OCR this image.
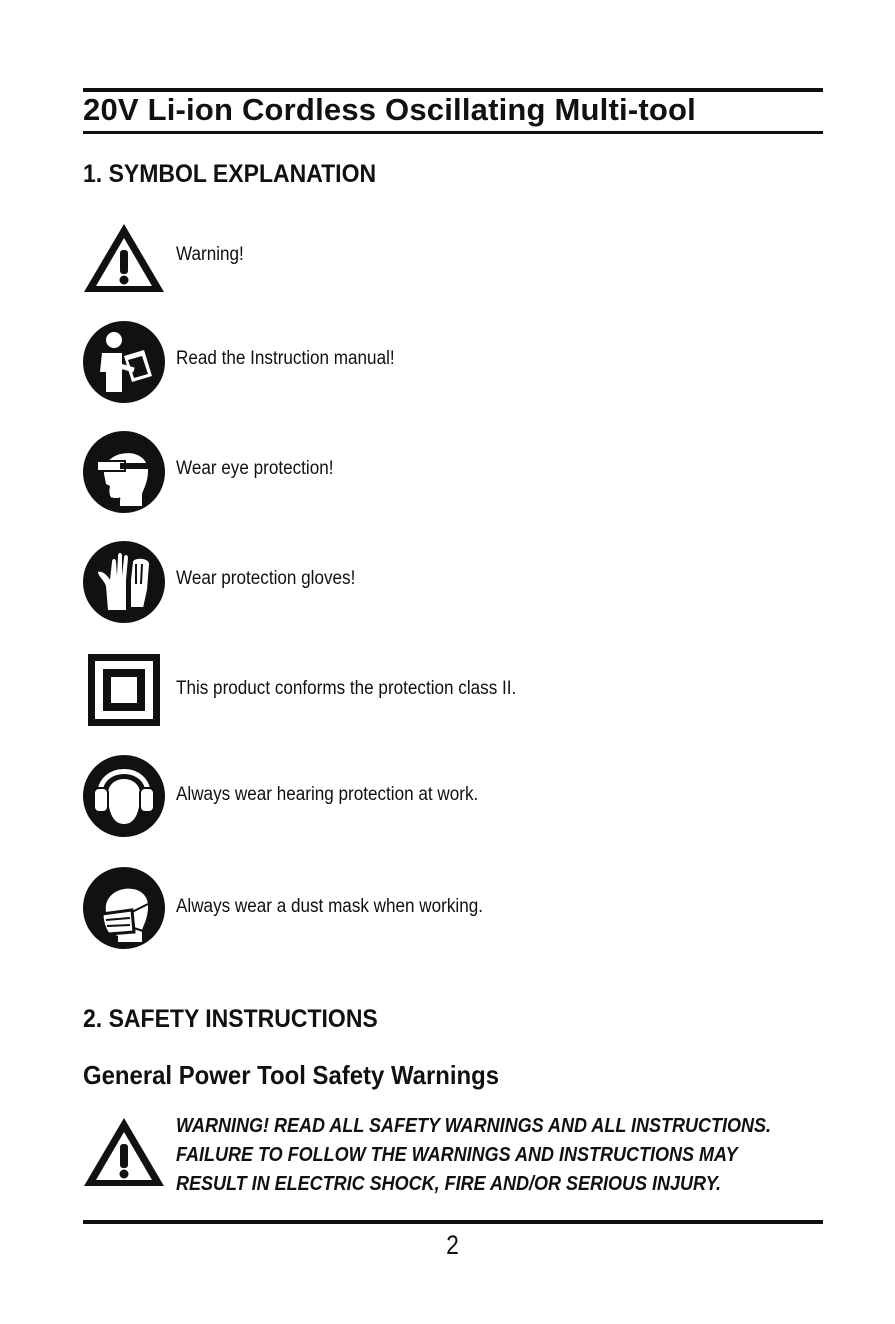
20V Li-ion Cordless Oscillating Multi-tool
1. SYMBOL EXPLANATION
Warning!
Read the Instruction manual!
Wear eye protection!
Wear protection gloves!
This product conforms the protection class II.
Always wear hearing protection at work.
Always wear a dust mask when working.
2. SAFETY INSTRUCTIONS
General Power Tool Safety Warnings

WARNING! READ ALL SAFETY WARNINGS AND ALL INSTRUCTIONS.
FAILURE TO FOLLOW THE WARNINGS AND INSTRUCTIONS MAY
RESULT IN ELECTRIC SHOCK, FIRE AND/OR SERIOUS INJURY.

2
